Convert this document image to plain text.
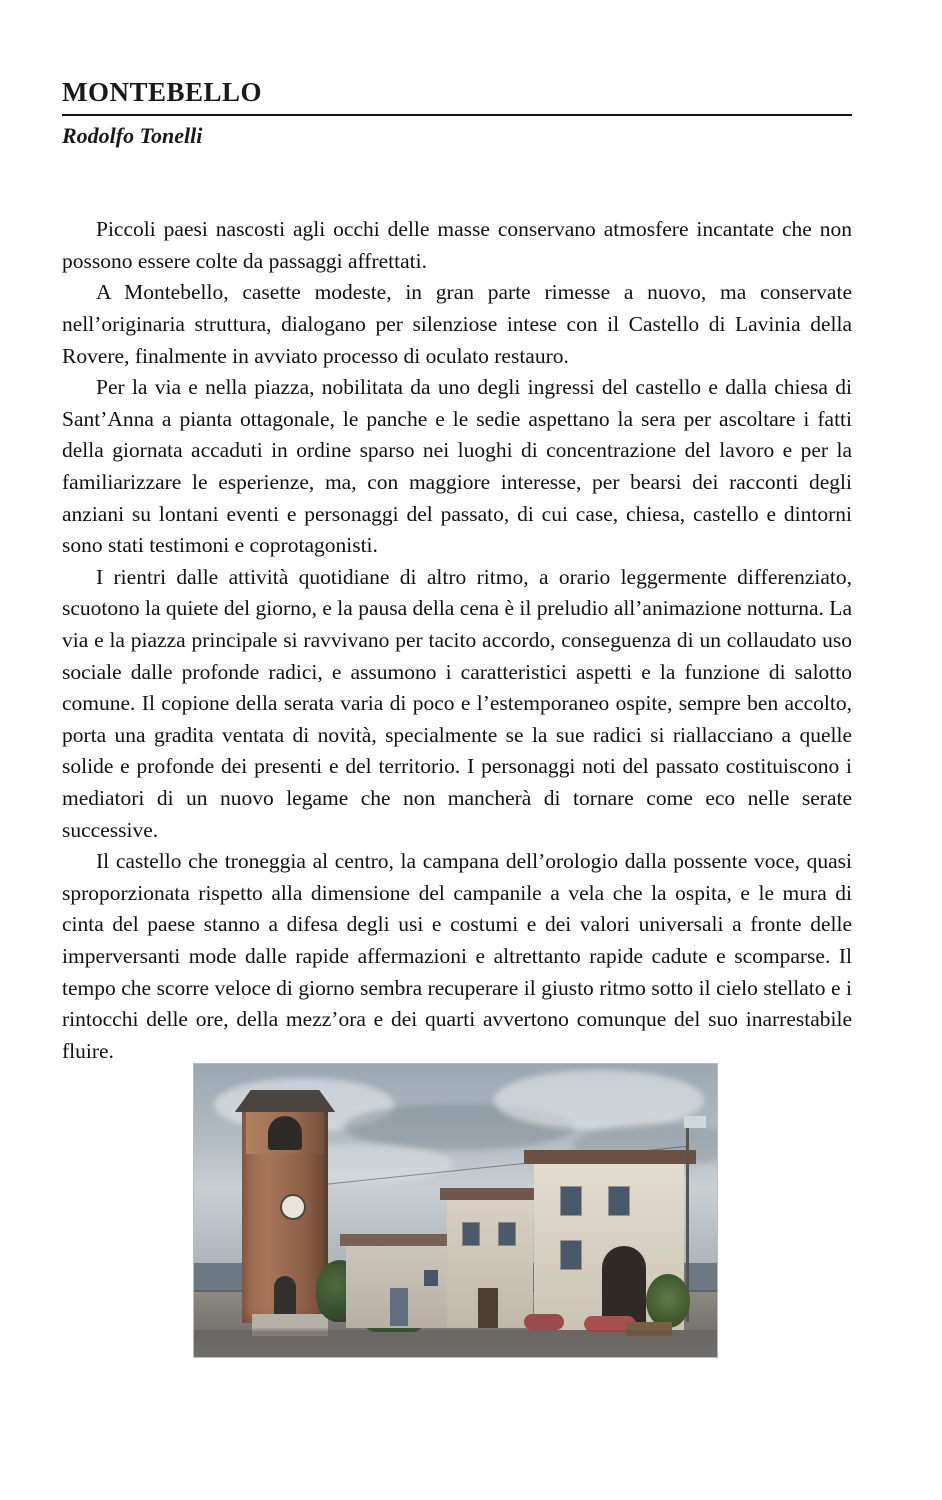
MONTEBELLO
Rodolfo Tonelli

Piccoli paesi nascosti agli occhi delle masse conservano atmosfere incantate che non possono essere colte da passaggi affrettati.

A Montebello, casette modeste, in gran parte rimesse a nuovo, ma conservate nell’originaria struttura, dialogano per silenziose intese con il Castello di Lavinia della Rovere, finalmente in avviato processo di oculato restauro.

Per la via e nella piazza, nobilitata da uno degli ingressi del castello e dalla chiesa di Sant’Anna a pianta ottagonale, le panche e le sedie aspettano la sera per ascoltare i fatti della giornata accaduti in ordine sparso nei luoghi di concentrazione del lavoro e per la familiarizzare le esperienze, ma, con maggiore interesse, per bearsi dei racconti degli anziani su lontani eventi e personaggi del passato, di cui case, chiesa, castello e dintorni sono stati testimoni e coprotagonisti.

I rientri dalle attività quotidiane di altro ritmo, a orario leggermente differenziato, scuotono la quiete del giorno, e la pausa della cena è il preludio all’animazione notturna. La via e la piazza principale si ravvivano per tacito accordo, conseguenza di un collaudato uso sociale dalle profonde radici, e assumono i caratteristici aspetti e la funzione di salotto comune. Il copione della serata varia di poco e l’estemporaneo ospite, sempre ben accolto, porta una gradita ventata di novità, specialmente se la sue radici si riallacciano a quelle solide e profonde dei presenti e del territorio. I personaggi noti del passato costituiscono i mediatori di un nuovo legame che non mancherà di tornare come eco nelle serate successive.

Il castello che troneggia al centro, la campana dell’orologio dalla possente voce, quasi sproporzionata rispetto alla dimensione del campanile a vela che la ospita, e le mura di cinta del paese stanno a difesa degli usi e costumi e dei valori universali a fronte delle imperversanti mode dalle rapide affermazioni e altrettanto rapide cadute e scomparse. Il tempo che scorre veloce di giorno sembra recuperare il giusto ritmo sotto il cielo stellato e i rintocchi delle ore, della mezz’ora e dei quarti avvertono comunque del suo inarrestabile fluire.
